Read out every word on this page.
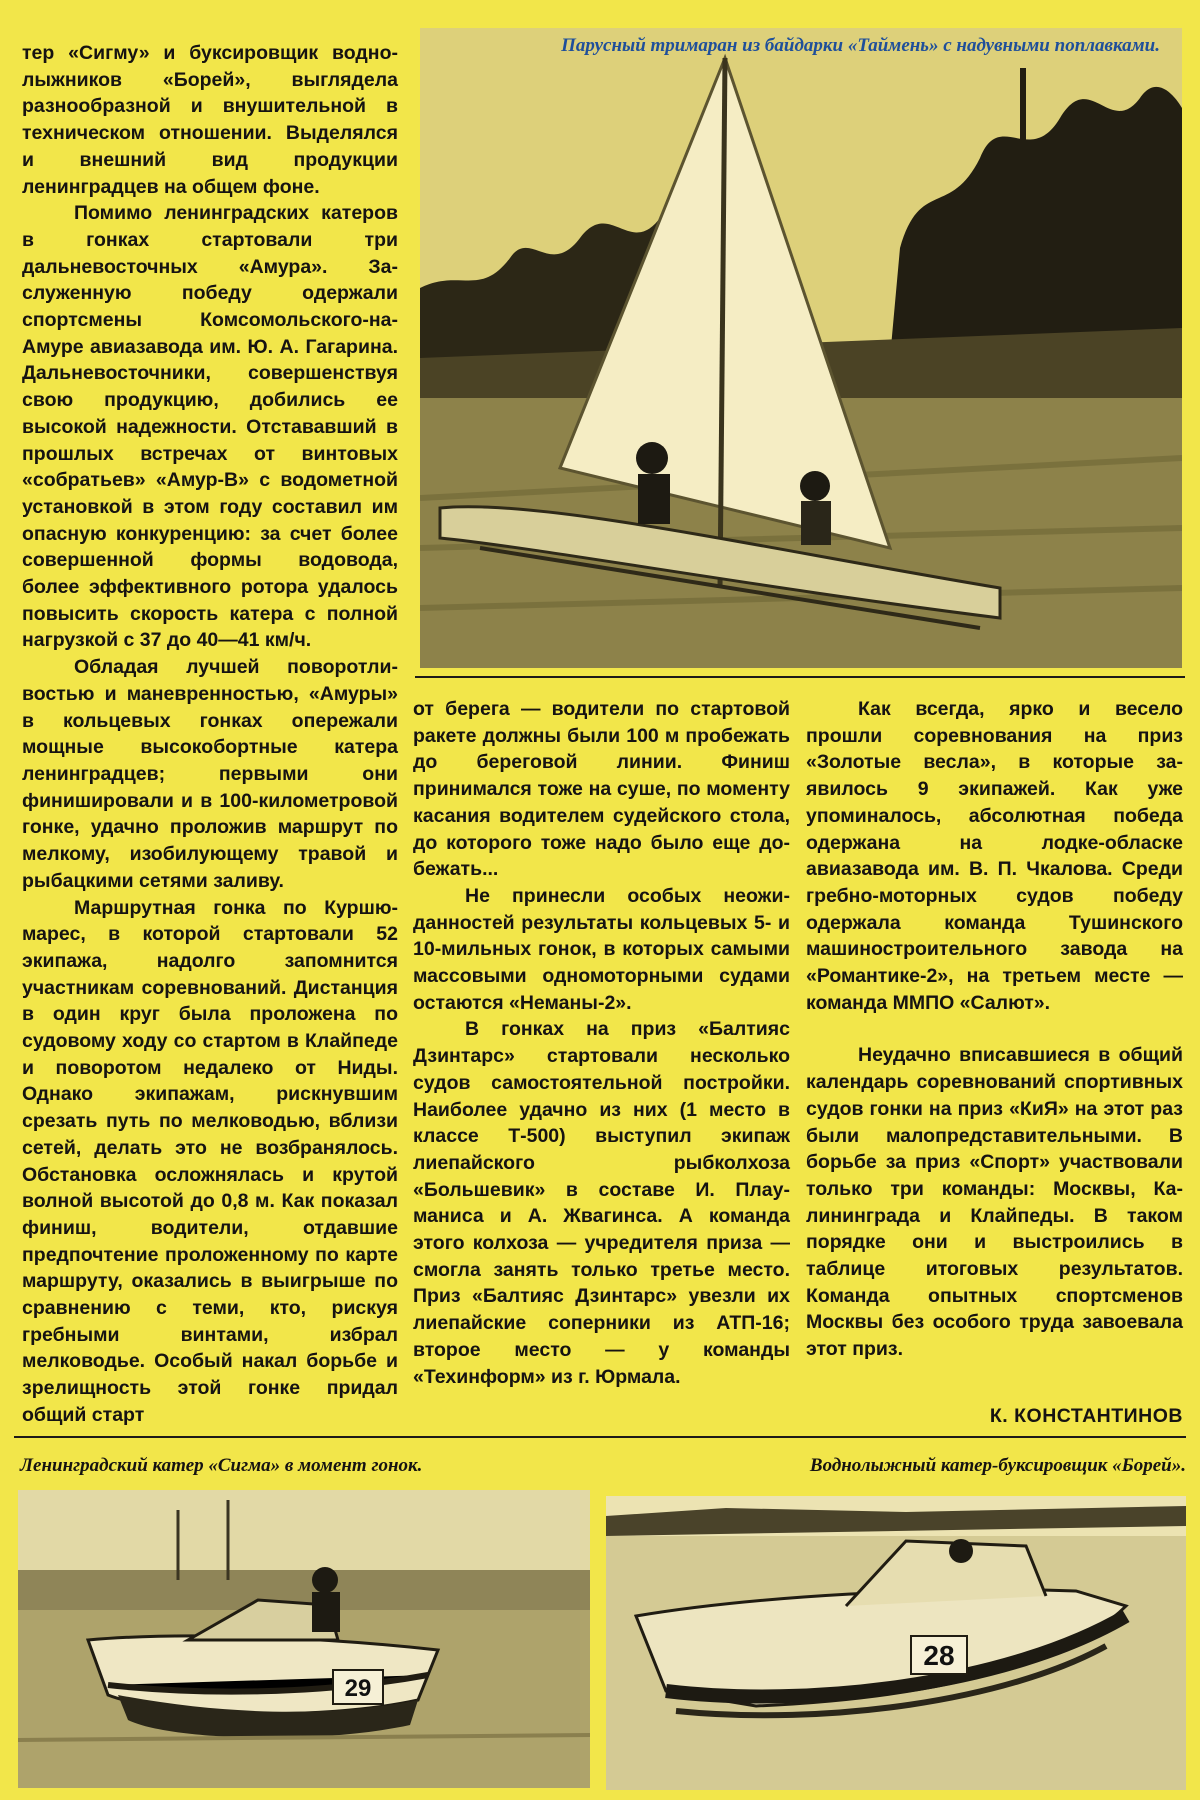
тер «Сигму» и буксировщик воднолыжников «Борей», выглядела разнообразной и внушительной в техническом отношении. Выделялся и внешний вид продукции ленинградцев на общем фоне.

Помимо ленинградских катеров в гонках стартовали три дальневосточных «Амура». Заслуженную победу одержали спортсмены Комсомольского-на-Амуре авиазавода им. Ю. А. Гагарина. Дальневосточники, совершенствуя свою продукцию, добились ее высокой надежности. Отстававший в прошлых встречах от винтовых «собратьев» «Амур-В» с водометной установкой в этом году составил им опасную конкуренцию: за счет более совершенной формы водовода, более эффективного ротора удалось повысить скорость катера с полной нагрузкой с 37 до 40—41 км/ч.

Обладая лучшей поворотливостью и маневренностью, «Амуры» в кольцевых гонках опережали мощные высокобортные катера ленинградцев; первыми они финишировали и в 100-километровой гонке, удачно проложив маршрут по мелкому, изобилующему травой и рыбацкими сетями заливу.

Маршрутная гонка по Куршю-марес, в которой стартовали 52 экипажа, надолго запомнится участникам соревнований. Дистанция в один круг была проложена по судовому ходу со стартом в Клайпеде и поворотом недалеко от Ниды. Однако экипажам, рискнувшим срезать путь по мелководью, вблизи сетей, делать это не возбранялось. Обстановка осложнялась и крутой волной высотой до 0,8 м. Как показал финиш, водители, отдавшие предпочтение проложенному по карте маршруту, оказались в выигрыше по сравнению с теми, кто, рискуя гребными винтами, избрал мелководье. Особый накал борьбе и зрелищность этой гонке придал общий старт

Парусный тримаран из байдарки «Таймень» с надувными поплавками.

от берега — водители по стартовой ракете должны были 100 м пробежать до береговой линии. Финиш принимался тоже на суше, по моменту касания водителем судейского стола, до которого тоже надо было еще добежать...

Не принесли особых неожиданностей результаты кольцевых 5- и 10-мильных гонок, в которых самыми массовыми одномоторными судами остаются «Неманы-2».

В гонках на приз «Балтияс Дзинтарс» стартовали несколько судов самостоятельной постройки. Наиболее удачно из них (1 место в классе Т-500) выступил экипаж лиепайского рыбколхоза «Большевик» в составе И. Плауманиса и А. Жвагинса. А команда этого колхоза — учредителя приза — смогла занять только третье место. Приз «Балтияс Дзинтарс» увезли их лиепайские соперники из АТП-16; второе место — у команды «Техинформ» из г. Юрмала.

Как всегда, ярко и весело прошли соревнования на приз «Золотые весла», в которые заявилось 9 экипажей. Как уже упоминалось, абсолютная победа одержана на лодке-обласке авиазавода им. В. П. Чкалова. Среди гребно-моторных судов победу одержала команда Тушинского машиностроительного завода на «Романтике-2», на третьем месте — команда ММПО «Салют».

Неудачно вписавшиеся в общий календарь соревнований спортивных судов гонки на приз «КиЯ» на этот раз были малопредставительными. В борьбе за приз «Спорт» участвовали только три команды: Москвы, Калининграда и Клайпеды. В таком порядке они и выстроились в таблице итоговых результатов. Команда опытных спортсменов Москвы без особого труда завоевала этот приз.

К. КОНСТАНТИНОВ
Ленинградский катер «Сигма» в момент гонок.	Воднолыжный катер-буксировщик «Борей».
29
28
